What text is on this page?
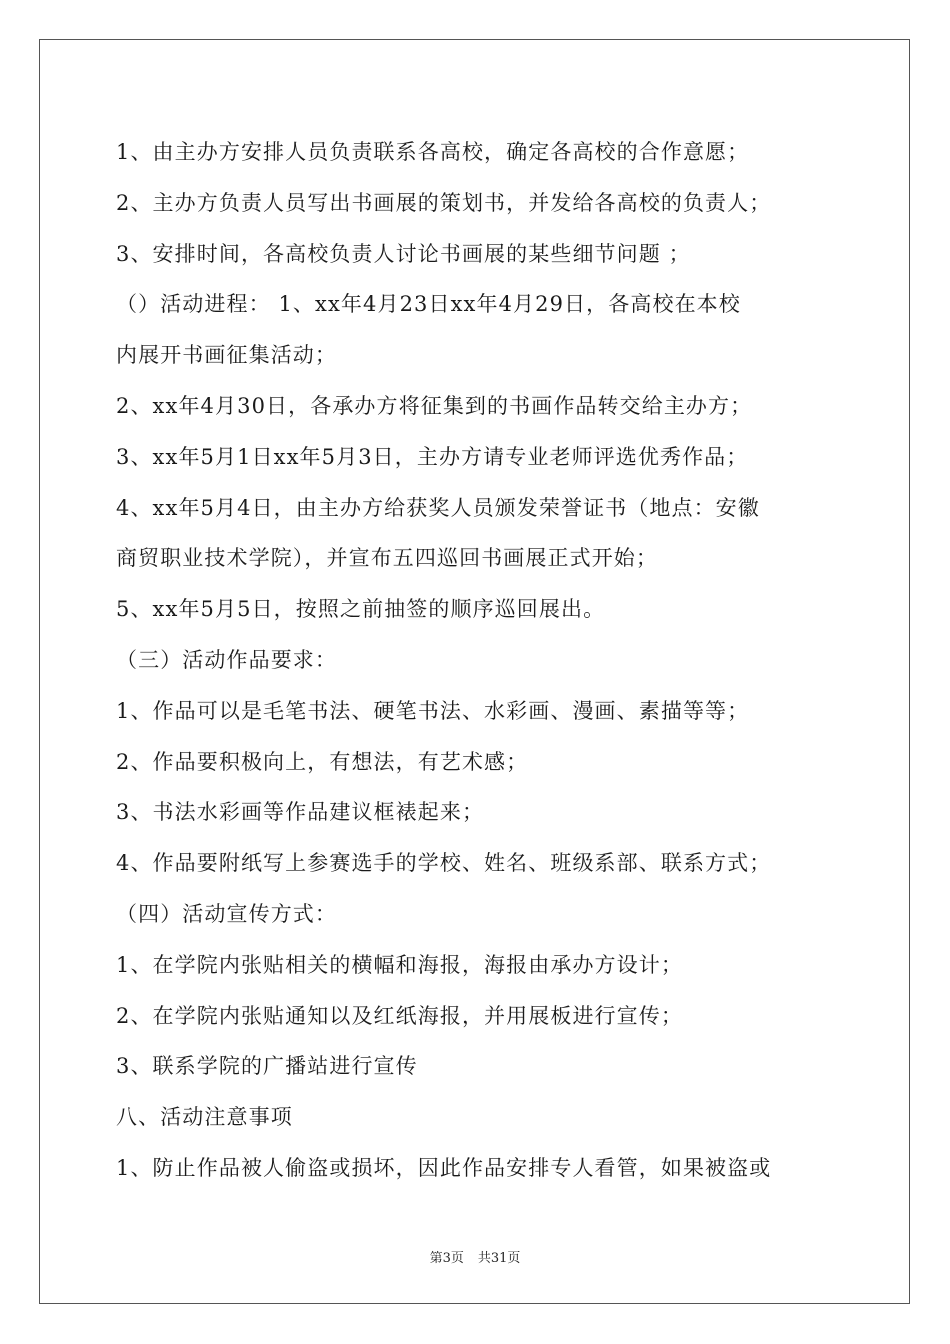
1、由主办方安排人员负责联系各高校，确定各高校的合作意愿；
2、主办方负责人员写出书画展的策划书，并发给各高校的负责人；
3、安排时间，各高校负责人讨论书画展的某些细节问题 ；
（）活动进程： 1、xx年4月23日xx年4月29日，各高校在本校
内展开书画征集活动；
2、xx年4月30日，各承办方将征集到的书画作品转交给主办方；
3、xx年5月1日xx年5月3日，主办方请专业老师评选优秀作品；
4、xx年5月4日，由主办方给获奖人员颁发荣誉证书（地点：安徽
商贸职业技术学院），并宣布五四巡回书画展正式开始；
5、xx年5月5日，按照之前抽签的顺序巡回展出。
（三）活动作品要求：
1、作品可以是毛笔书法、硬笔书法、水彩画、漫画、素描等等；
2、作品要积极向上，有想法，有艺术感；
3、书法水彩画等作品建议框裱起来；
4、作品要附纸写上参赛选手的学校、姓名、班级系部、联系方式；
（四）活动宣传方式：
1、在学院内张贴相关的横幅和海报，海报由承办方设计；
2、在学院内张贴通知以及红纸海报，并用展板进行宣传；
3、联系学院的广播站进行宣传
八、活动注意事项
1、防止作品被人偷盗或损坏，因此作品安排专人看管，如果被盗或
第3页 共31页
